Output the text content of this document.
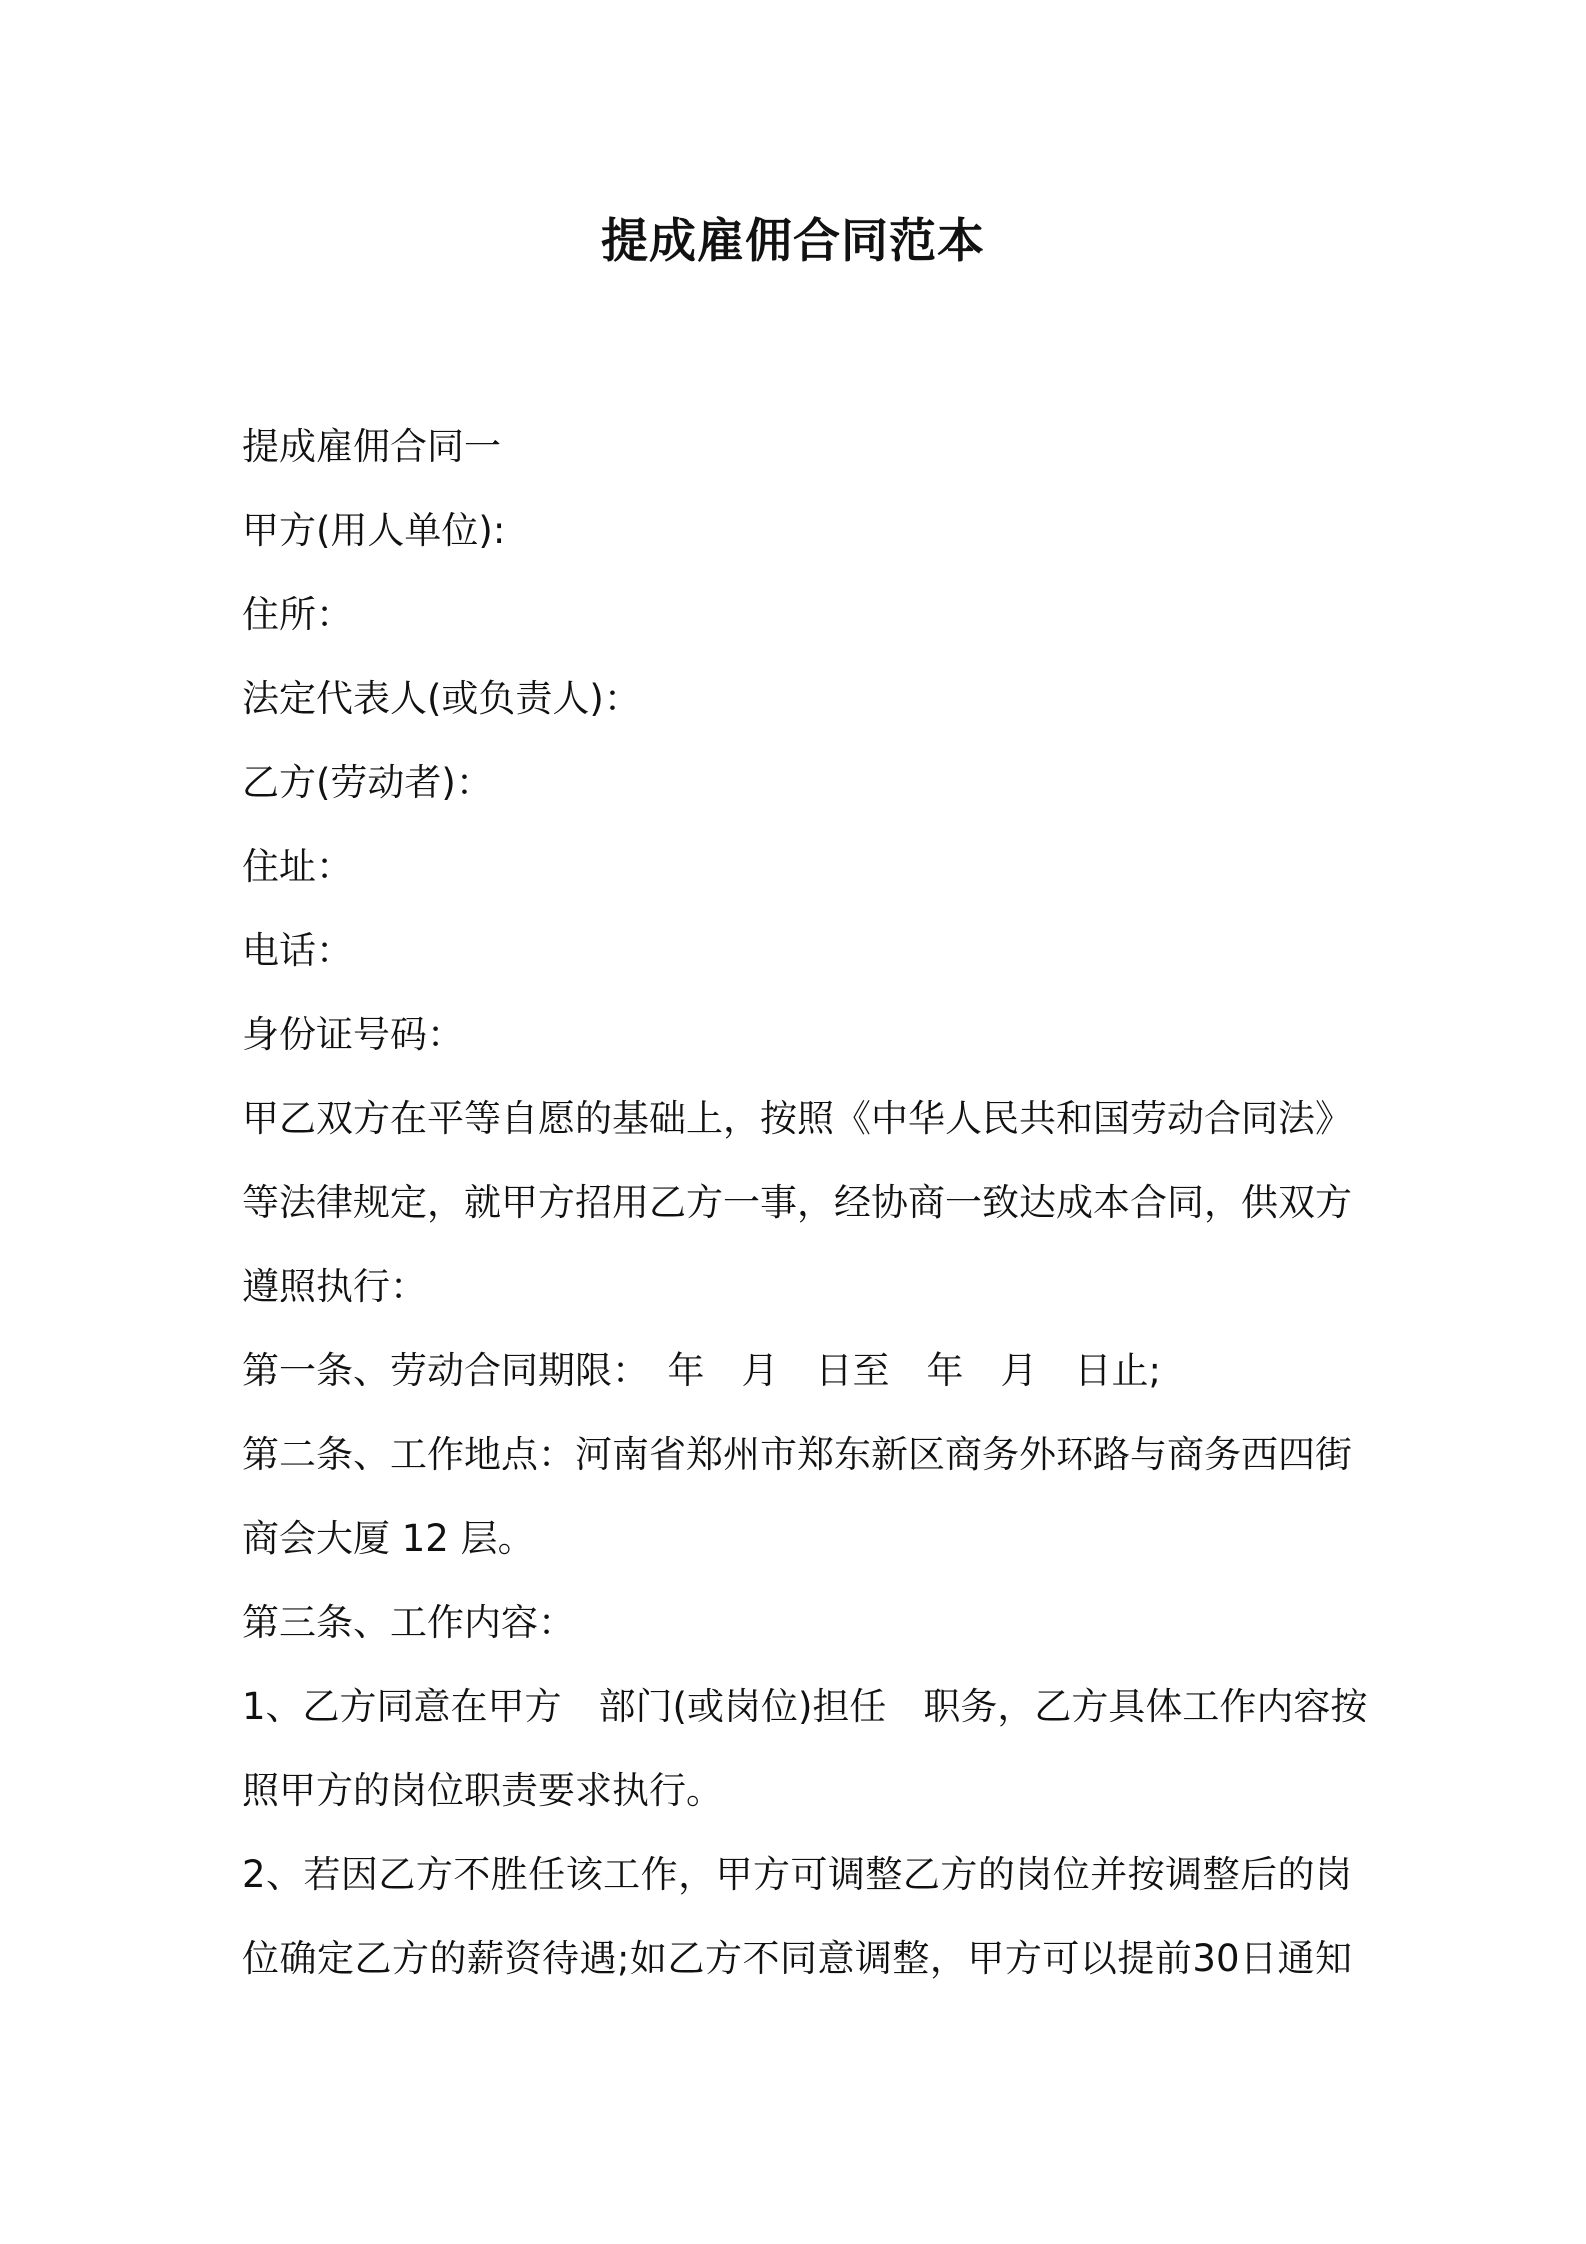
提成雇佣合同范本
提成雇佣合同一
甲方(用人单位):
住所：
法定代表人(或负责人)：
乙方(劳动者)：
住址：
电话：
身份证号码：
甲乙双方在平等自愿的基础上，按照《中华人民共和国劳动合同法》
等法律规定，就甲方招用乙方一事，经协商一致达成本合同，供双方
遵照执行：
第一条、劳动合同期限：　年　月　日至　年　月　日止;
第二条、工作地点：河南省郑州市郑东新区商务外环路与商务西四街
商会大厦 12 层。
第三条、工作内容：
1、乙方同意在甲方　部门(或岗位)担任　职务，乙方具体工作内容按
照甲方的岗位职责要求执行。
2、若因乙方不胜任该工作，甲方可调整乙方的岗位并按调整后的岗
位确定乙方的薪资待遇;如乙方不同意调整，甲方可以提前30日通知
